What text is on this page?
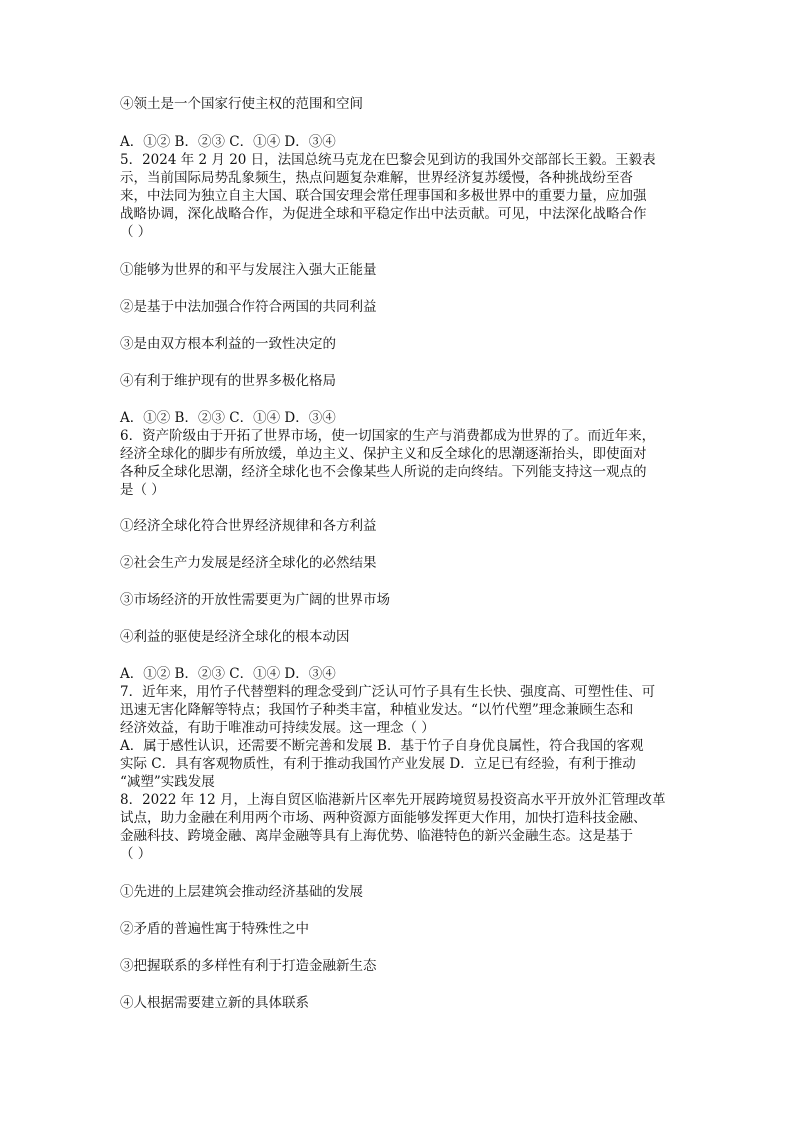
④领土是一个国家行使主权的范围和空间

A．①② B．②③ C．①④ D．③④

5．2024 年 2 月 20 日，法国总统马克龙在巴黎会见到访的我国外交部部长王毅。王毅表

示，当前国际局势乱象频生，热点问题复杂难解，世界经济复苏缓慢，各种挑战纷至沓

来，中法同为独立自主大国、联合国安理会常任理事国和多极世界中的重要力量，应加强

战略协调，深化战略合作，为促进全球和平稳定作出中法贡献。可见，中法深化战略合作

（ ）

①能够为世界的和平与发展注入强大正能量

②是基于中法加强合作符合两国的共同利益

③是由双方根本利益的一致性决定的

④有利于维护现有的世界多极化格局

A．①② B．②③ C．①④ D．③④

6．资产阶级由于开拓了世界市场，使一切国家的生产与消费都成为世界的了。而近年来，

经济全球化的脚步有所放缓，单边主义、保护主义和反全球化的思潮逐渐抬头，即使面对

各种反全球化思潮，经济全球化也不会像某些人所说的走向终结。下列能支持这一观点的

是（ ）

①经济全球化符合世界经济规律和各方利益

②社会生产力发展是经济全球化的必然结果

③市场经济的开放性需要更为广阔的世界市场

④利益的驱使是经济全球化的根本动因

A．①② B．②③ C．①④ D．③④

7．近年来，用竹子代替塑料的理念受到广泛认可竹子具有生长快、强度高、可塑性佳、可

迅速无害化降解等特点；我国竹子种类丰富，种植业发达。“以竹代塑”理念兼顾生态和

经济效益，有助于唯准动可持续发展。这一理念（ ）

A．属于感性认识，还需要不断完善和发展 B．基于竹子自身优良属性，符合我国的客观

实际 C．具有客观物质性，有利于推动我国竹产业发展 D．立足已有经验，有利于推动

“减塑”实践发展

8．2022 年 12 月，上海自贸区临港新片区率先开展跨境贸易投资高水平开放外汇管理改革

试点，助力金融在利用两个市场、两种资源方面能够发挥更大作用，加快打造科技金融、

金融科技、跨境金融、离岸金融等具有上海优势、临港特色的新兴金融生态。这是基于

（ ）

①先进的上层建筑会推动经济基础的发展

②矛盾的普遍性寓于特殊性之中

③把握联系的多样性有利于打造金融新生态

④人根据需要建立新的具体联系
